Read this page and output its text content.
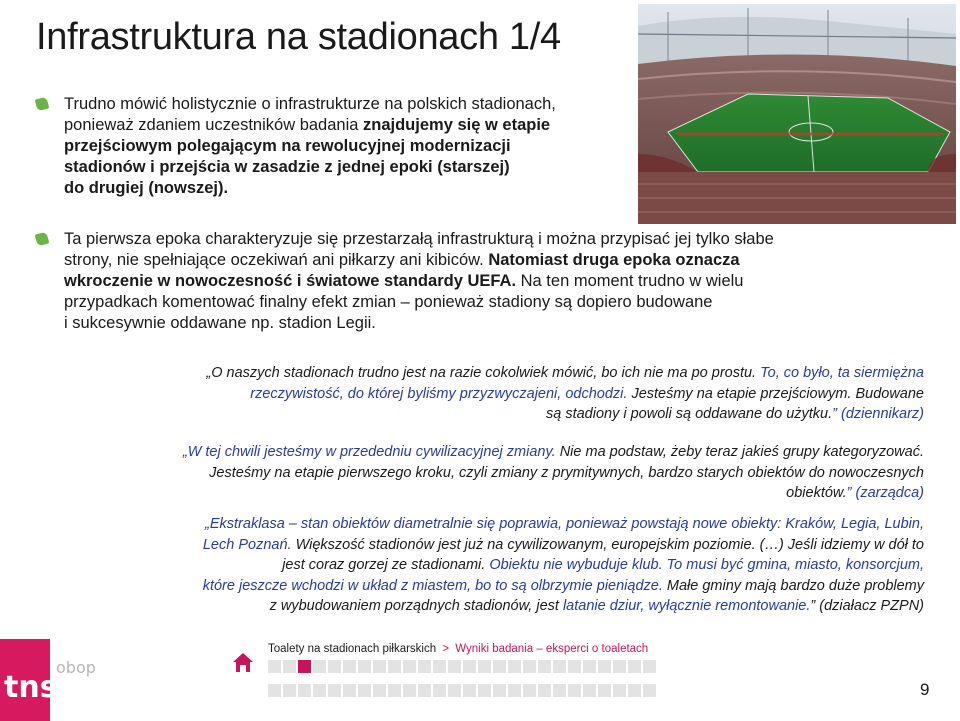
Infrastruktura na stadionach 1/4
Trudno mówić holistycznie o infrastrukturze na polskich stadionach,
ponieważ zdaniem uczestników badania znajdujemy się w etapie
przejściowym polegającym na rewolucyjnej modernizacji
stadionów i przejścia w zasadzie z jednej epoki (starszej)
do drugiej (nowszej).
Ta pierwsza epoka charakteryzuje się przestarzałą infrastrukturą i można przypisać jej tylko słabe
strony, nie spełniające oczekiwań ani piłkarzy ani kibiców. Natomiast druga epoka oznacza
wkroczenie w nowoczesność i światowe standardy UEFA. Na ten moment trudno w wielu
przypadkach komentować finalny efekt zmian – ponieważ stadiony są dopiero budowane
i sukcesywnie oddawane np. stadion Legii.
„O naszych stadionach trudno jest na razie cokolwiek mówić, bo ich nie ma po prostu. To, co było, ta siermiężna
rzeczywistość, do której byliśmy przyzwyczajeni, odchodzi. Jesteśmy na etapie przejściowym. Budowane
są stadiony i powoli są oddawane do użytku.” (dziennikarz)
„W tej chwili jesteśmy w przededniu cywilizacyjnej zmiany. Nie ma podstaw, żeby teraz jakieś grupy kategoryzować.
Jesteśmy na etapie pierwszego kroku, czyli zmiany z prymitywnych, bardzo starych obiektów do nowoczesnych
obiektów.” (zarządca)
„Ekstraklasa – stan obiektów diametralnie się poprawia, ponieważ powstają nowe obiekty: Kraków, Legia, Lubin,
Lech Poznań. Większość stadionów jest już na cywilizowanym, europejskim poziomie. (…) Jeśli idziemy w dół to
jest coraz gorzej ze stadionami. Obiektu nie wybuduje klub. To musi być gmina, miasto, konsorcjum,
które jeszcze wchodzi w układ z miastem, bo to są olbrzymie pieniądze. Małe gminy mają bardzo duże problemy
z wybudowaniem porządnych stadionów, jest latanie dziur, wyłącznie remontowanie.” (działacz PZPN)
tns
obop
Toalety na stadionach piłkarskich > Wyniki badania – eksperci o toaletach
9
